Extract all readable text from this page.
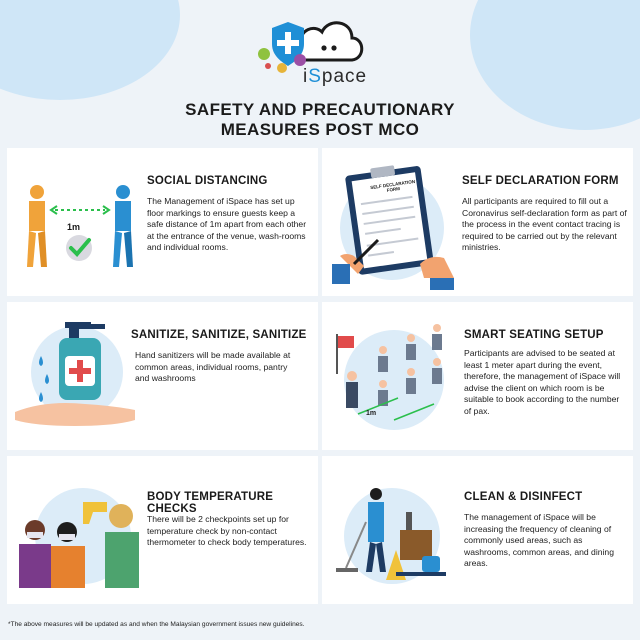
iSpace
SAFETY AND PRECAUTIONARY
MEASURES POST MCO
1m
SOCIAL DISTANCING

The Management of iSpace has set up floor markings to ensure guests keep a safe distance of 1m apart from each other at the entrance of the venue, wash-rooms and individual rooms.

SELF DECLARATION FORM
SELF DECLARATION FORM

All participants are required to fill out a Coronavirus self-declaration form as part of the process in the event contact tracing is required to be carried out by the relevant ministries.

SANITIZE, SANITIZE, SANITIZE

Hand sanitizers will be made available at common areas, individual rooms, pantry and washrooms

1m
SMART SEATING SETUP

Participants are advised to be seated at least 1 meter apart during the event, therefore, the management of iSpace will advise the client on which room is be suitable to book according to the number of pax.

BODY TEMPERATURE CHECKS

There will be 2 checkpoints set up for temperature check by non-contact thermometer to check body temperatures.

CLEAN & DISINFECT

The management of iSpace will be increasing the frequency of cleaning of commonly used areas, such as washrooms, common areas, and dining areas.

*The above measures will be updated as and when the Malaysian government issues new guidelines.
